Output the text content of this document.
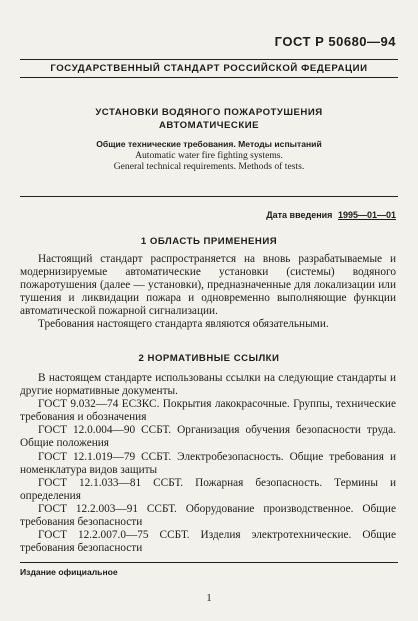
ГОСТ Р 50680—94
ГОСУДАРСТВЕННЫЙ СТАНДАРТ РОССИЙСКОЙ ФЕДЕРАЦИИ
УСТАНОВКИ ВОДЯНОГО ПОЖАРОТУШЕНИЯ
АВТОМАТИЧЕСКИЕ
Общие технические требования. Методы испытаний
Automatic water fire fighting systems.
General technical requirements. Methods of tests.
Дата введения 1995—01—01
1 ОБЛАСТЬ ПРИМЕНЕНИЯ

Настоящий стандарт распространяется на вновь разрабатываемые и модернизируемые автоматические установки (системы) водяного пожаротушения (далее — установки), предназначенные для локализации или тушения и ликвидации пожара и одновременно выполняющие функции автоматической пожарной сигнализации.

Требования настоящего стандарта являются обязательными.

2 НОРМАТИВНЫЕ ССЫЛКИ

В настоящем стандарте использованы ссылки на следующие стандарты и другие нормативные документы.

ГОСТ 9.032—74 ЕСЗКС. Покрытия лакокрасочные. Группы, технические требования и обозначения

ГОСТ 12.0.004—90 ССБТ. Организация обучения безопасности труда. Общие положения

ГОСТ 12.1.019—79 ССБТ. Электробезопасность. Общие требования и номенклатура видов защиты

ГОСТ 12.1.033—81 ССБТ. Пожарная безопасность. Термины и определения

ГОСТ 12.2.003—91 ССБТ. Оборудование производственное. Общие требования безопасности

ГОСТ 12.2.007.0—75 ССБТ. Изделия электротехнические. Общие требования безопасности

Издание официальное
1
